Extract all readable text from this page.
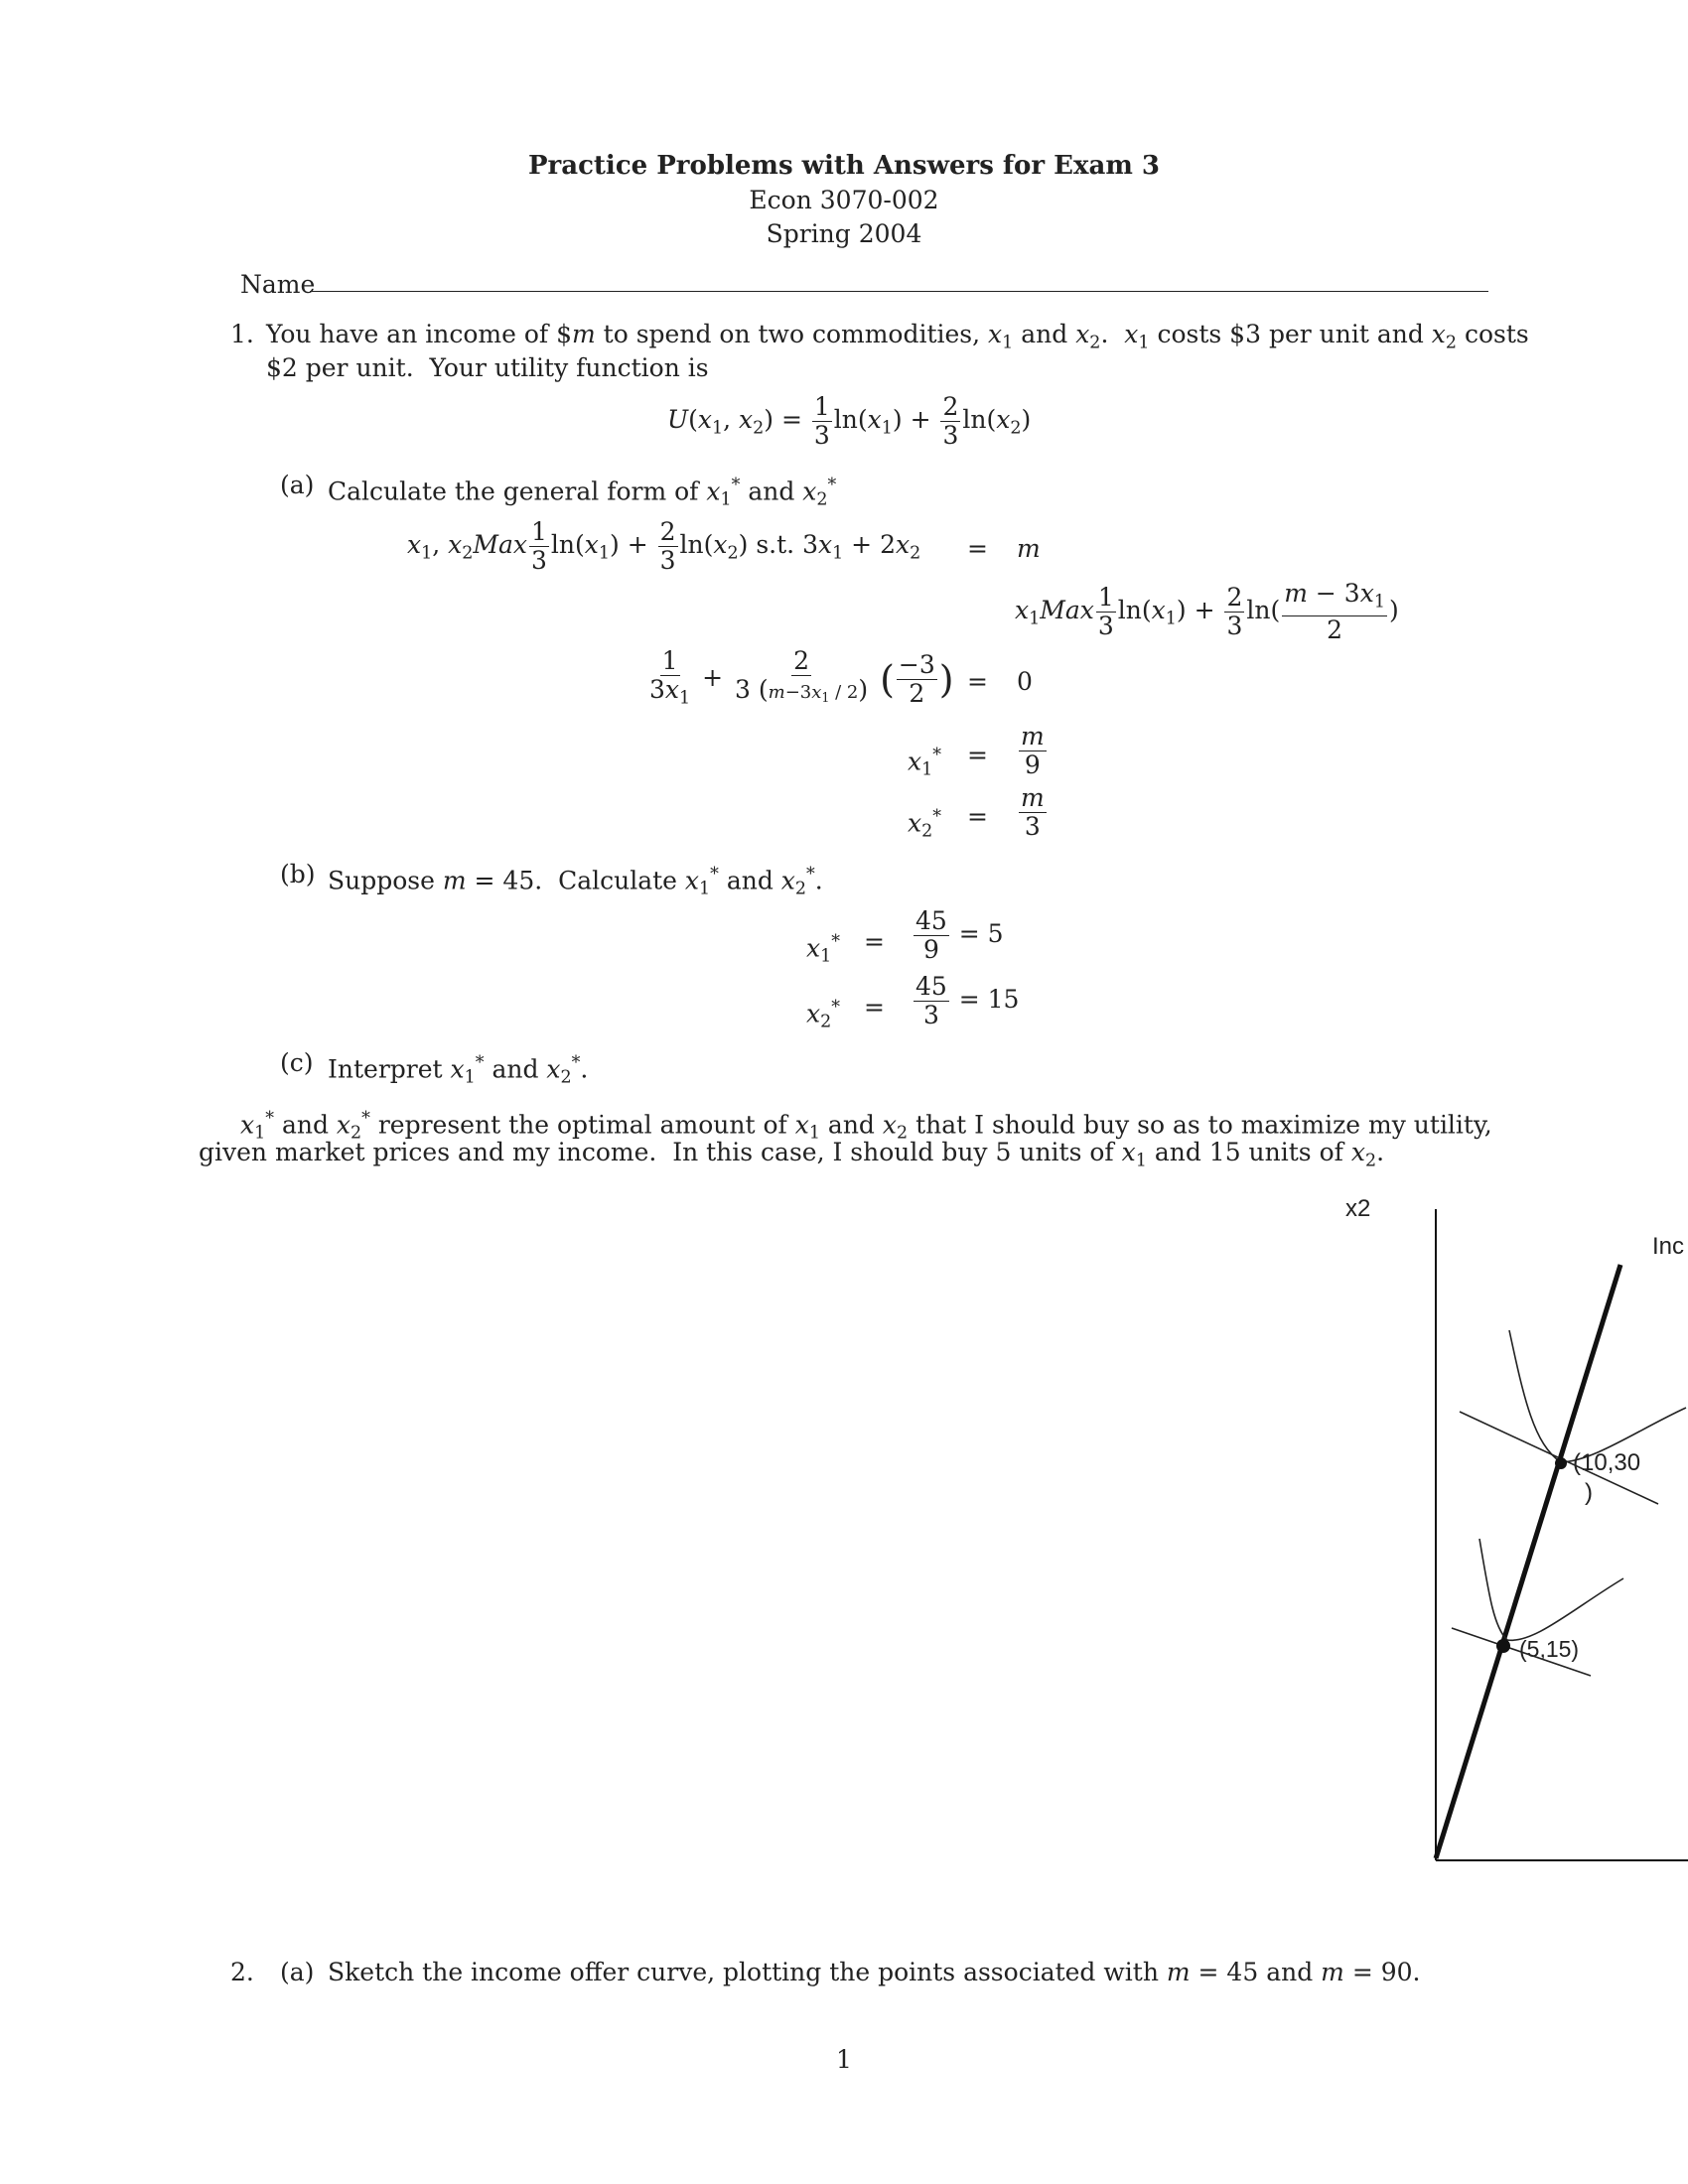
Practice Problems with Answers for Exam 3
Econ 3070-002
Spring 2004
Name
1. You have an income of $m to spend on two commodities, $x_1$ and $x_2$.  $x_1$ costs $3 per unit and $x_2$ costs
$2 per unit.  Your utility function is
$U(x_1$, $x_2) = \frac{1}{3} \ln(x_1) + \frac{2}{3} \ln(x_2)$
(a) Calculate the general form of $x_1^*$ and $x_2^*$
$x_1$, $x_2Max \frac{1}{3} \ln(x_1) + \frac{2}{3} \ln(x_2)$ s.t. $3x_1 + 2x_2 = m$
$x_1Max \frac{1}{3} \ln(x_1) + \frac{2}{3} \ln( \frac{m - 3x_1}{2}$ )
$\frac{1}{3x_1} + \frac{2}{3 (m-3x_1 / 2)}$ ( $\frac{-3}{2}$ ) = 0
$x_1^* = \frac{m}{9}$
$x_2^* = \frac{m}{3}$
(b) Suppose m = 45.  Calculate $x_1^*$ and $x_2^*$.
$x_1^* = \frac{45}{9} = 5$
$x_2^* = \frac{45}{3} = 15$
(c) Interpret $x_1^*$ and $x_2^*$.
$x_1^*$ and $x_2^*$ represent the optimal amount of $x_1$ and $x_2$ that I should buy so as to maximize my utility,
given market prices and my income.  In this case, I should buy 5 units of $x_1$ and 15 units of $x_2$.
x2
Inc
(10,30
)
(5,15)
2. (a) Sketch the income offer curve, plotting the points associated with m = 45 and m = 90.
1
